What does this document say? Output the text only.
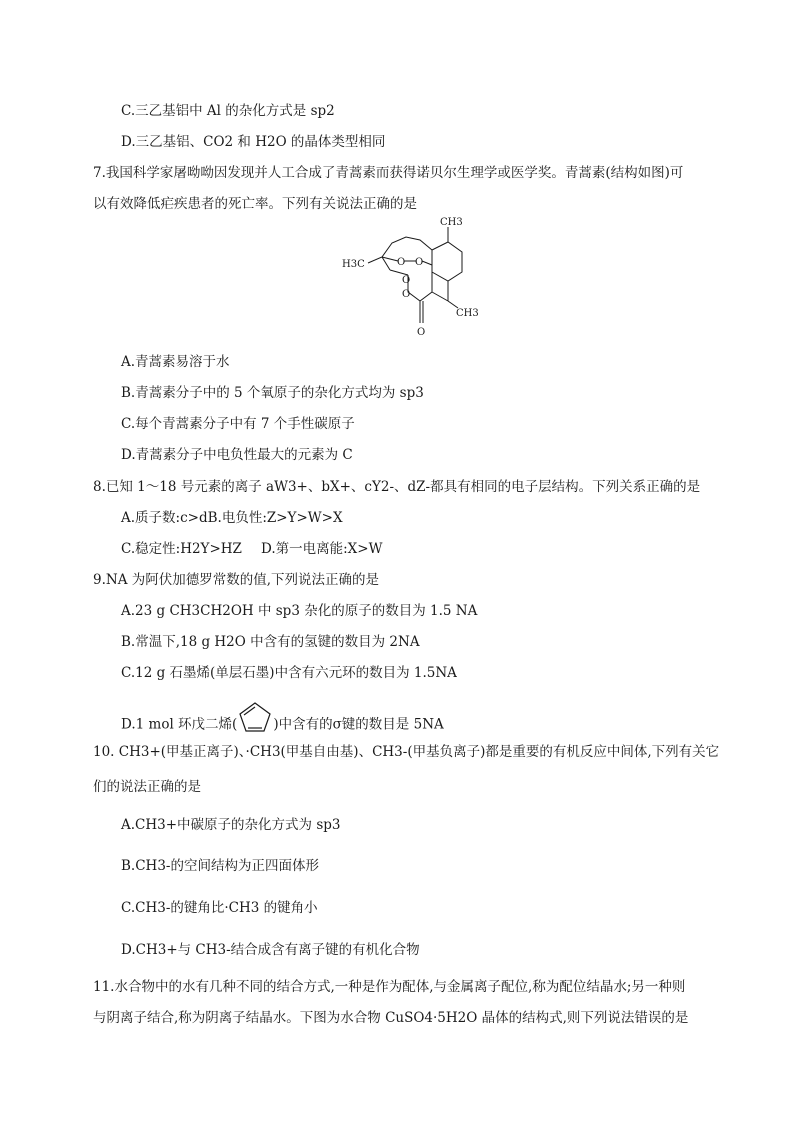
C.三乙基铝中 Al 的杂化方式是 sp2
D.三乙基铝、CO2 和 H2O 的晶体类型相同
7.我国科学家屠呦呦因发现并人工合成了青蒿素而获得诺贝尔生理学或医学奖。青蒿素(结构如图)可
以有效降低疟疾患者的死亡率。下列有关说法正确的是
CH3
H3C	O O
O
O
CH3
O
A.青蒿素易溶于水
B.青蒿素分子中的 5 个氧原子的杂化方式均为 sp3
C.每个青蒿素分子中有 7 个手性碳原子
D.青蒿素分子中电负性最大的元素为 C
8.已知 1～18 号元素的离子 aW3+、bX+、cY2-、dZ-都具有相同的电子层结构。下列关系正确的是
A.质子数:c>dB.电负性:Z>Y>W>X
C.稳定性:H2Y>HZ D.第一电离能:X>W
9.NA 为阿伏加德罗常数的值,下列说法正确的是
A.23 g CH3CH2OH 中 sp3 杂化的原子的数目为 1.5 NA
B.常温下,18 g H2O 中含有的氢键的数目为 2NA
C.12 g 石墨烯(单层石墨)中含有六元环的数目为 1.5NA
D.1 mol 环戊二烯(	)中含有的σ键的数目是 5NA
10. CH3+(甲基正离子)、·CH3(甲基自由基)、CH3-(甲基负离子)都是重要的有机反应中间体,下列有关它
们的说法正确的是
A.CH3+中碳原子的杂化方式为 sp3
B.CH3-的空间结构为正四面体形
C.CH3-的键角比·CH3 的键角小
D.CH3+与 CH3-结合成含有离子键的有机化合物
11.水合物中的水有几种不同的结合方式,一种是作为配体,与金属离子配位,称为配位结晶水;另一种则
与阴离子结合,称为阴离子结晶水。下图为水合物 CuSO4·5H2O 晶体的结构式,则下列说法错误的是
